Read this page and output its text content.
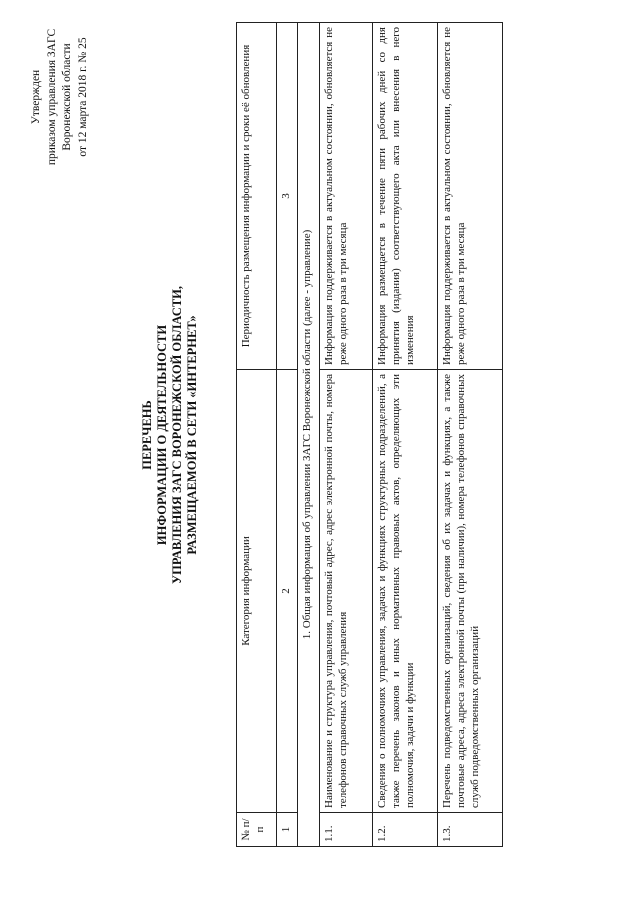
Утвержден приказом управления ЗАГС Воронежской области от 12 марта 2018 г. № 25
ПЕРЕЧЕНЬ ИНФОРМАЦИИ О ДЕЯТЕЛЬНОСТИ УПРАВЛЕНИЯ ЗАГС ВОРОНЕЖСКОЙ ОБЛАСТИ, РАЗМЕЩАЕМОЙ В СЕТИ «ИНТЕРНЕТ»
№ п/п	Категория информации	Периодичность размещения информации и сроки её обновления
1	2	3
1. Общая информация об управлении ЗАГС Воронежской области (далее - управление)		
1.1.	Наименование и структура управления, почтовый адрес, адрес электронной почты, номера телефонов справочных служб управления	Информация поддерживается в актуальном состоянии, обновляется не реже одного раза в три месяца
1.2.	Сведения о полномочиях управления, задачах и функциях структурных подразделений, а также перечень законов и иных нормативных правовых актов, определяющих эти полномочия, задачи и функции	Информация размещается в течение пяти рабочих дней со дня принятия (издания) соответствующего акта или внесения в него изменения
1.3.	Перечень подведомственных организаций, сведения об их задачах и функциях, а также почтовые адреса, адреса электронной почты (при наличии), номера телефонов справочных служб подведомственных организаций	Информация поддерживается в актуальном состоянии, обновляется не реже одного раза в три месяца
